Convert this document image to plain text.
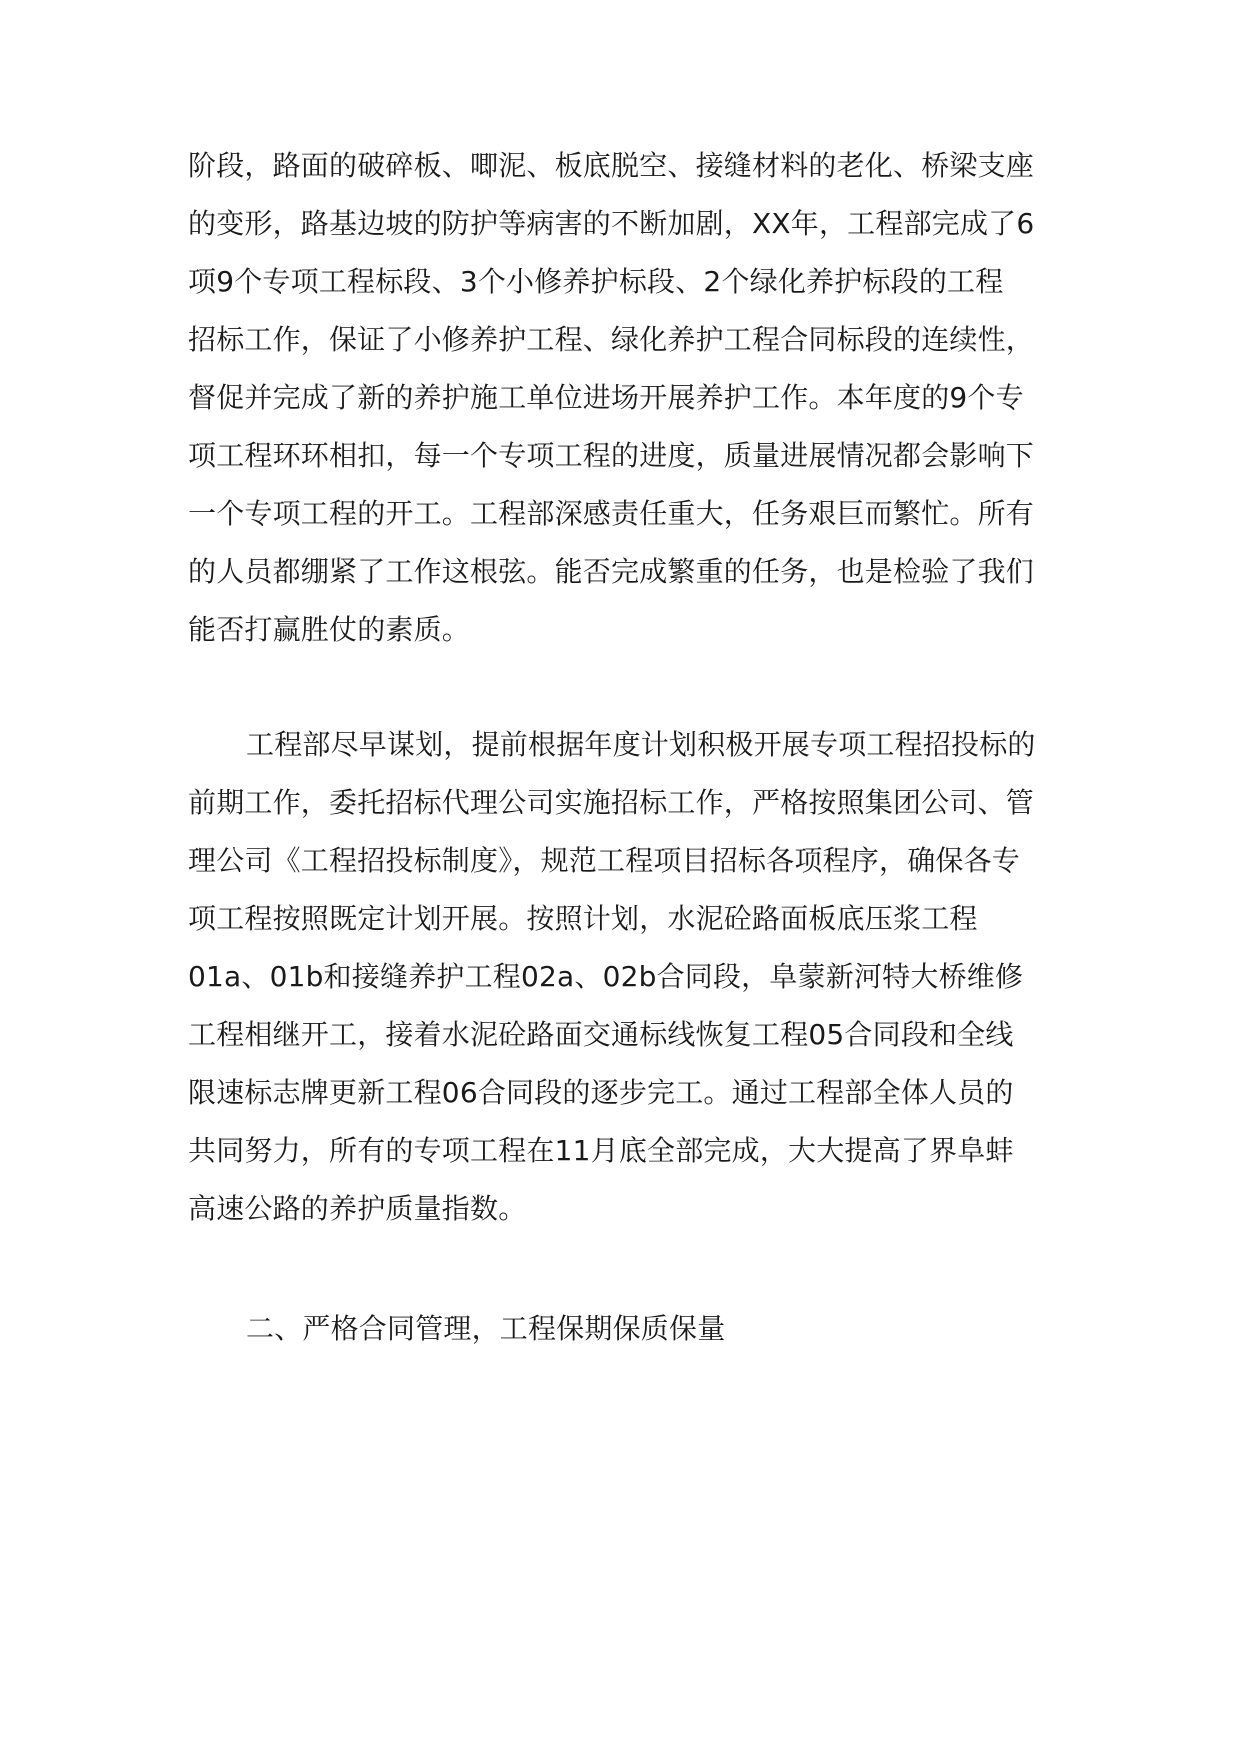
阶段，路面的破碎板、唧泥、板底脱空、接缝材料的老化、桥梁支座
的变形，路基边坡的防护等病害的不断加剧，XX年，工程部完成了6
项9个专项工程标段、3个小修养护标段、2个绿化养护标段的工程
招标工作，保证了小修养护工程、绿化养护工程合同标段的连续性，
督促并完成了新的养护施工单位进场开展养护工作。本年度的9个专
项工程环环相扣，每一个专项工程的进度，质量进展情况都会影响下
一个专项工程的开工。工程部深感责任重大，任务艰巨而繁忙。所有
的人员都绷紧了工作这根弦。能否完成繁重的任务，也是检验了我们
能否打赢胜仗的素质。
工程部尽早谋划，提前根据年度计划积极开展专项工程招投标的
前期工作，委托招标代理公司实施招标工作，严格按照集团公司、管
理公司《工程招投标制度》，规范工程项目招标各项程序，确保各专
项工程按照既定计划开展。按照计划，水泥砼路面板底压浆工程
01a、01b和接缝养护工程02a、02b合同段，阜蒙新河特大桥维修
工程相继开工，接着水泥砼路面交通标线恢复工程05合同段和全线
限速标志牌更新工程06合同段的逐步完工。通过工程部全体人员的
共同努力，所有的专项工程在11月底全部完成，大大提高了界阜蚌
高速公路的养护质量指数。
二、严格合同管理，工程保期保质保量
